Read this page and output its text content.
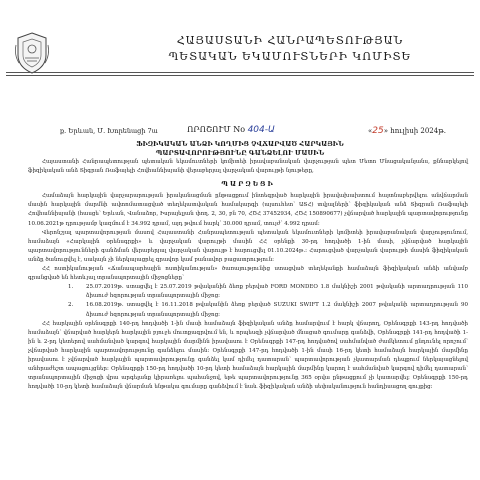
ՀԱՅԱՍՏԱՆԻ ՀԱՆՐԱՊԵՏՈՒԹՅԱՆ
ՊԵՏԱԿԱՆ ԵԿԱՄՈՒՏՆԵՐԻ ԿՈՄԻՏԵ
ք. Երևան, Մ. Խորենացի 7ա	ՈՐՈՇՈՒՄ No 404-Ա	«25» հուլիսի 2024թ.
ՖԻԶԻԿԱԿԱՆ ԱՆՁԻ ԿՈՂՄԻՑ ՉՎՃԱՐՎԱԾ ՀԱՐԿԱՅԻՆ
ՊԱՐՏԱՎՈՐՈՒԹՅՈՒՆԸ ԳԱՆՁԵԼՈՒ ՄԱՍԻՆ

Հայաստանի Հանրապետության պետական եկամուտների կոմիտեի իրավաբանական վարչության պետ Մետո Մնացականյանս, քննարկելով ֆիզիկական անձ Տիգրան Ռաֆայելի Հովհաննիսյանի վերաբերյալ վարչական վարույթի նյութերը,

ՊԱՐԶԵՑԻ

Համաձայն հարկային վարչարարության իրականացման ընթացքում ինտեգրված հարկային իրավախախտում հայտնաբերվելու անվճարման մասին հարկային մարմնի ավտոմատացված տեղեկատվական համակարգի (այսուհետ՝ ԱՏՀ) տվյալների՝ ֆիզիկական անձ Տիգրան Ռաֆայելի Հովհաննիսյանի (հասցե՝ Երևան, Վանաձոր, Իսրայելյան փող. 2, 30, բն 70, ՀԾՀ 37452934, ՀԾՀ 150890677) չվճարված հարկային պարտավորությունը 10.06.2021թ դրությամբ կազմում է 34.992 դրամ, այդ թվում հարկ՝ 30.000 դրամ, տույժ՝ 4.992 դրամ։

Վերոնշյալ պարտավորության մասով Հայաստանի Հանրապետության պետական եկամուտների կոմիտեի իրավաբանական վարչությունում, համաձայն «Հարկային օրենսգրքի» և վարչական վարույթի մասին ՀՀ օրենքի 30-րդ հոդվածի 1-ին մասի, չվճարված հարկային պարտավորությունների գանձման վերաբերյալ վարչական վարույթ է հարուցվել 01.10.2024թ.։ Հարուցված վարչական վարույթի մասին ֆիզիկական անձը ծանուցվել է, սակայն չի ներկայացրել գրավոր կամ բանավոր բացատրություն։

ՀՀ ոստիկանության «Ճանապարհային ոստիկանության» ծառայությունից ստացված տեղեկանքի համաձայն ֆիզիկական անձի անվամբ գրանցված են հետևյալ տրանսպորտային միջոցները՝

1. 25.07.2019թ. ստացվել է 25.07.2019 թվականին ձեռք բերված FORD MONDEO 1.8 մակնիշի 2001 թվականի արտադրության 110 ձիաուժ հզորության տրանսպորտային միջոց։

2. 16.08.2019թ. ստացվել է 16.11.2018 թվականին ձեռք բերված SUZUKI SWIFT 1.2 մակնիշի 2007 թվականի արտադրության 90 ձիաուժ հզորության տրանսպորտային միջոց։

ՀՀ հարկային օրենսգրքի 140-րդ հոդվածի 1-ին մասի համաձայն ֆիզիկական անձը համարվում է հարկ վճարող, Օրենսգրքի 143-րդ հոդվածի համաձայն՝ վճարված հարկերն հարկային բյուջե մուտքագրվում են, և որպեսզի չվճարված մնացած գումարը գանձվի, Օրենսգրքի 141-րդ հոդվածի 1-ին և 2-րդ կետերով սահմանված կարգով հարկային մարմինն իրավասու է Օրենսգրքի 147-րդ հոդվածով սահմանված ժամկետում ընդունել որոշում՝ չվճարված հարկային պարտավորությունը գանձելու մասին։ Օրենսգրքի 147-րդ հոդվածի 1-ին մասի 16-րդ կետի համաձայն հարկային մարմինը իրավասու է չվճարված հարկային պարտավորությունը գանձել կամ դիմել դատարան՝ պարտավորության չկատարման դեպքում ներկայացնելով անհրաժեշտ ապացույցներ։ Օրենսգրքի 150-րդ հոդվածի 10-րդ կետի համաձայն հարկային մարմինը կարող է սահմանված կարգով դիմել դատարան՝ տրանսպորտային միջոցի վրա արգելանք կիրառելու պահանջով, եթե պարտավորությունը 365 օրվա ընթացքում չի կատարվել։ Օրենսգրքի 150-րդ հոդվածի 10-րդ կետի համաձայն վճարման ենթակա գումարը գանձվում է նաև ֆիզիկական անձի սեփականություն հանդիսացող գույքից։
